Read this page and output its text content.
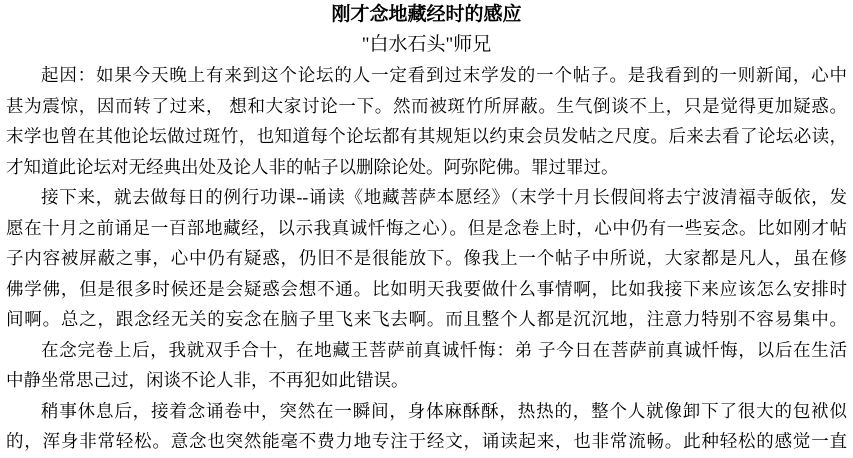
刚才念地藏经时的感应
"白水石头"师兄
起因：如果今天晚上有来到这个论坛的人一定看到过末学发的一个帖子。是我看到的一则新闻，心中
甚为震惊，因而转了过来， 想和大家讨论一下。然而被斑竹所屏蔽。生气倒谈不上，只是觉得更加疑惑。
末学也曾在其他论坛做过斑竹，也知道每个论坛都有其规矩以约束会员发帖之尺度。后来去看了论坛必读，
才知道此论坛对无经典出处及论人非的帖子以删除论处。阿弥陀佛。罪过罪过。
接下来，就去做每日的例行功课--诵读《地藏菩萨本愿经》（末学十月长假间将去宁波清福寺皈依，发
愿在十月之前诵足一百部地藏经，以示我真诚忏悔之心）。但是念卷上时，心中仍有一些妄念。比如刚才帖
子内容被屏蔽之事，心中仍有疑惑，仍旧不是很能放下。像我上一个帖子中所说，大家都是凡人，虽在修
佛学佛，但是很多时候还是会疑惑会想不通。比如明天我要做什么事情啊，比如我接下来应该怎么安排时
间啊。总之，跟念经无关的妄念在脑子里飞来飞去啊。而且整个人都是沉沉地，注意力特别不容易集中。
在念完卷上后，我就双手合十，在地藏王菩萨前真诚忏悔：弟 子今日在菩萨前真诚忏悔，以后在生活
中静坐常思己过，闲谈不论人非，不再犯如此错误。
稍事休息后，接着念诵卷中，突然在一瞬间，身体麻酥酥，热热的，整个人就像卸下了很大的包袱似
的，浑身非常轻松。意念也突然能毫不费力地专注于经文，诵读起来，也非常流畅。此种轻松的感觉一直
